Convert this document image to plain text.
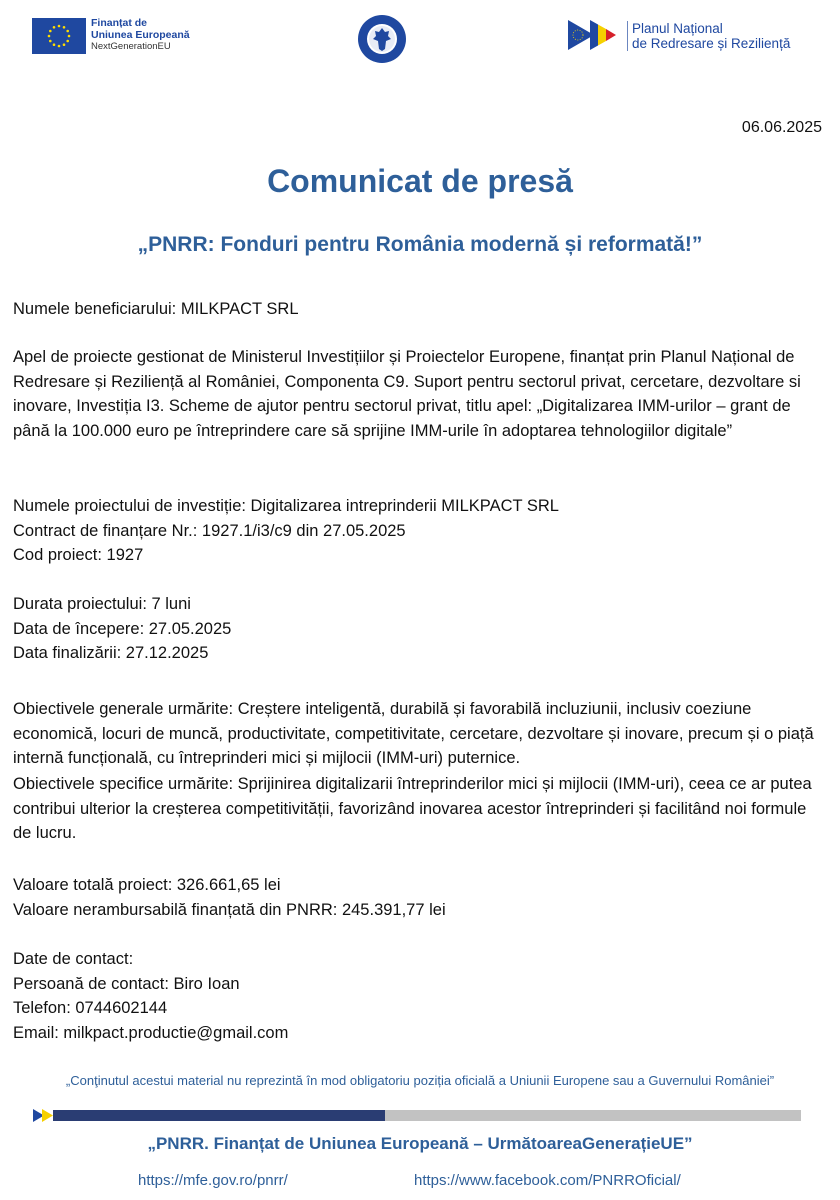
Finanțat de
Uniunea Europeană
NextGenerationEU
Planul Național
de Redresare și Reziliență
06.06.2025
Comunicat de presă
„PNRR: Fonduri pentru România modernă și reformată!”

Numele beneficiarului: MILKPACT SRL

Apel de proiecte gestionat de Ministerul Investițiilor și Proiectelor Europene, finanțat prin Planul Național de Redresare și Reziliență al României, Componenta C9. Suport pentru sectorul privat, cercetare, dezvoltare si inovare, Investiția I3. Scheme de ajutor pentru sectorul privat, titlu apel: „Digitalizarea IMM-urilor – grant de până la 100.000 euro pe întreprindere care să sprijine IMM-urile în adoptarea tehnologiilor digitale”

Numele proiectului de investiție: Digitalizarea intreprinderii MILKPACT SRL

Contract de finanțare Nr.: 1927.1/i3/c9 din 27.05.2025

Cod proiect: 1927

Durata proiectului: 7 luni

Data de începere: 27.05.2025

Data finalizării: 27.12.2025

Obiectivele generale urmărite: Creștere inteligentă, durabilă și favorabilă incluziunii, inclusiv coeziune economică, locuri de muncă, productivitate, competitivitate, cercetare, dezvoltare și inovare, precum și o piață internă funcțională, cu întreprinderi mici și mijlocii (IMM-uri) puternice.

Obiectivele specifice urmărite: Sprijinirea digitalizarii întreprinderilor mici și mijlocii (IMM-uri), ceea ce ar putea contribui ulterior la creșterea competitivității, favorizând inovarea acestor întreprinderi și facilitând noi formule de lucru.

Valoare totală proiect: 326.661,65 lei

Valoare nerambursabilă finanțată din PNRR: 245.391,77 lei

Date de contact:

Persoană de contact: Biro Ioan

Telefon: 0744602144

Email: milkpact.productie@gmail.com

„Conţinutul acestui material nu reprezintă în mod obligatoriu poziția oficială a Uniunii Europene sau a Guvernului României”
„PNRR. Finanțat de Uniunea Europeană – UrmătoareaGenerațieUE”
https://mfe.gov.ro/pnrr/	https://www.facebook.com/PNRROficial/
